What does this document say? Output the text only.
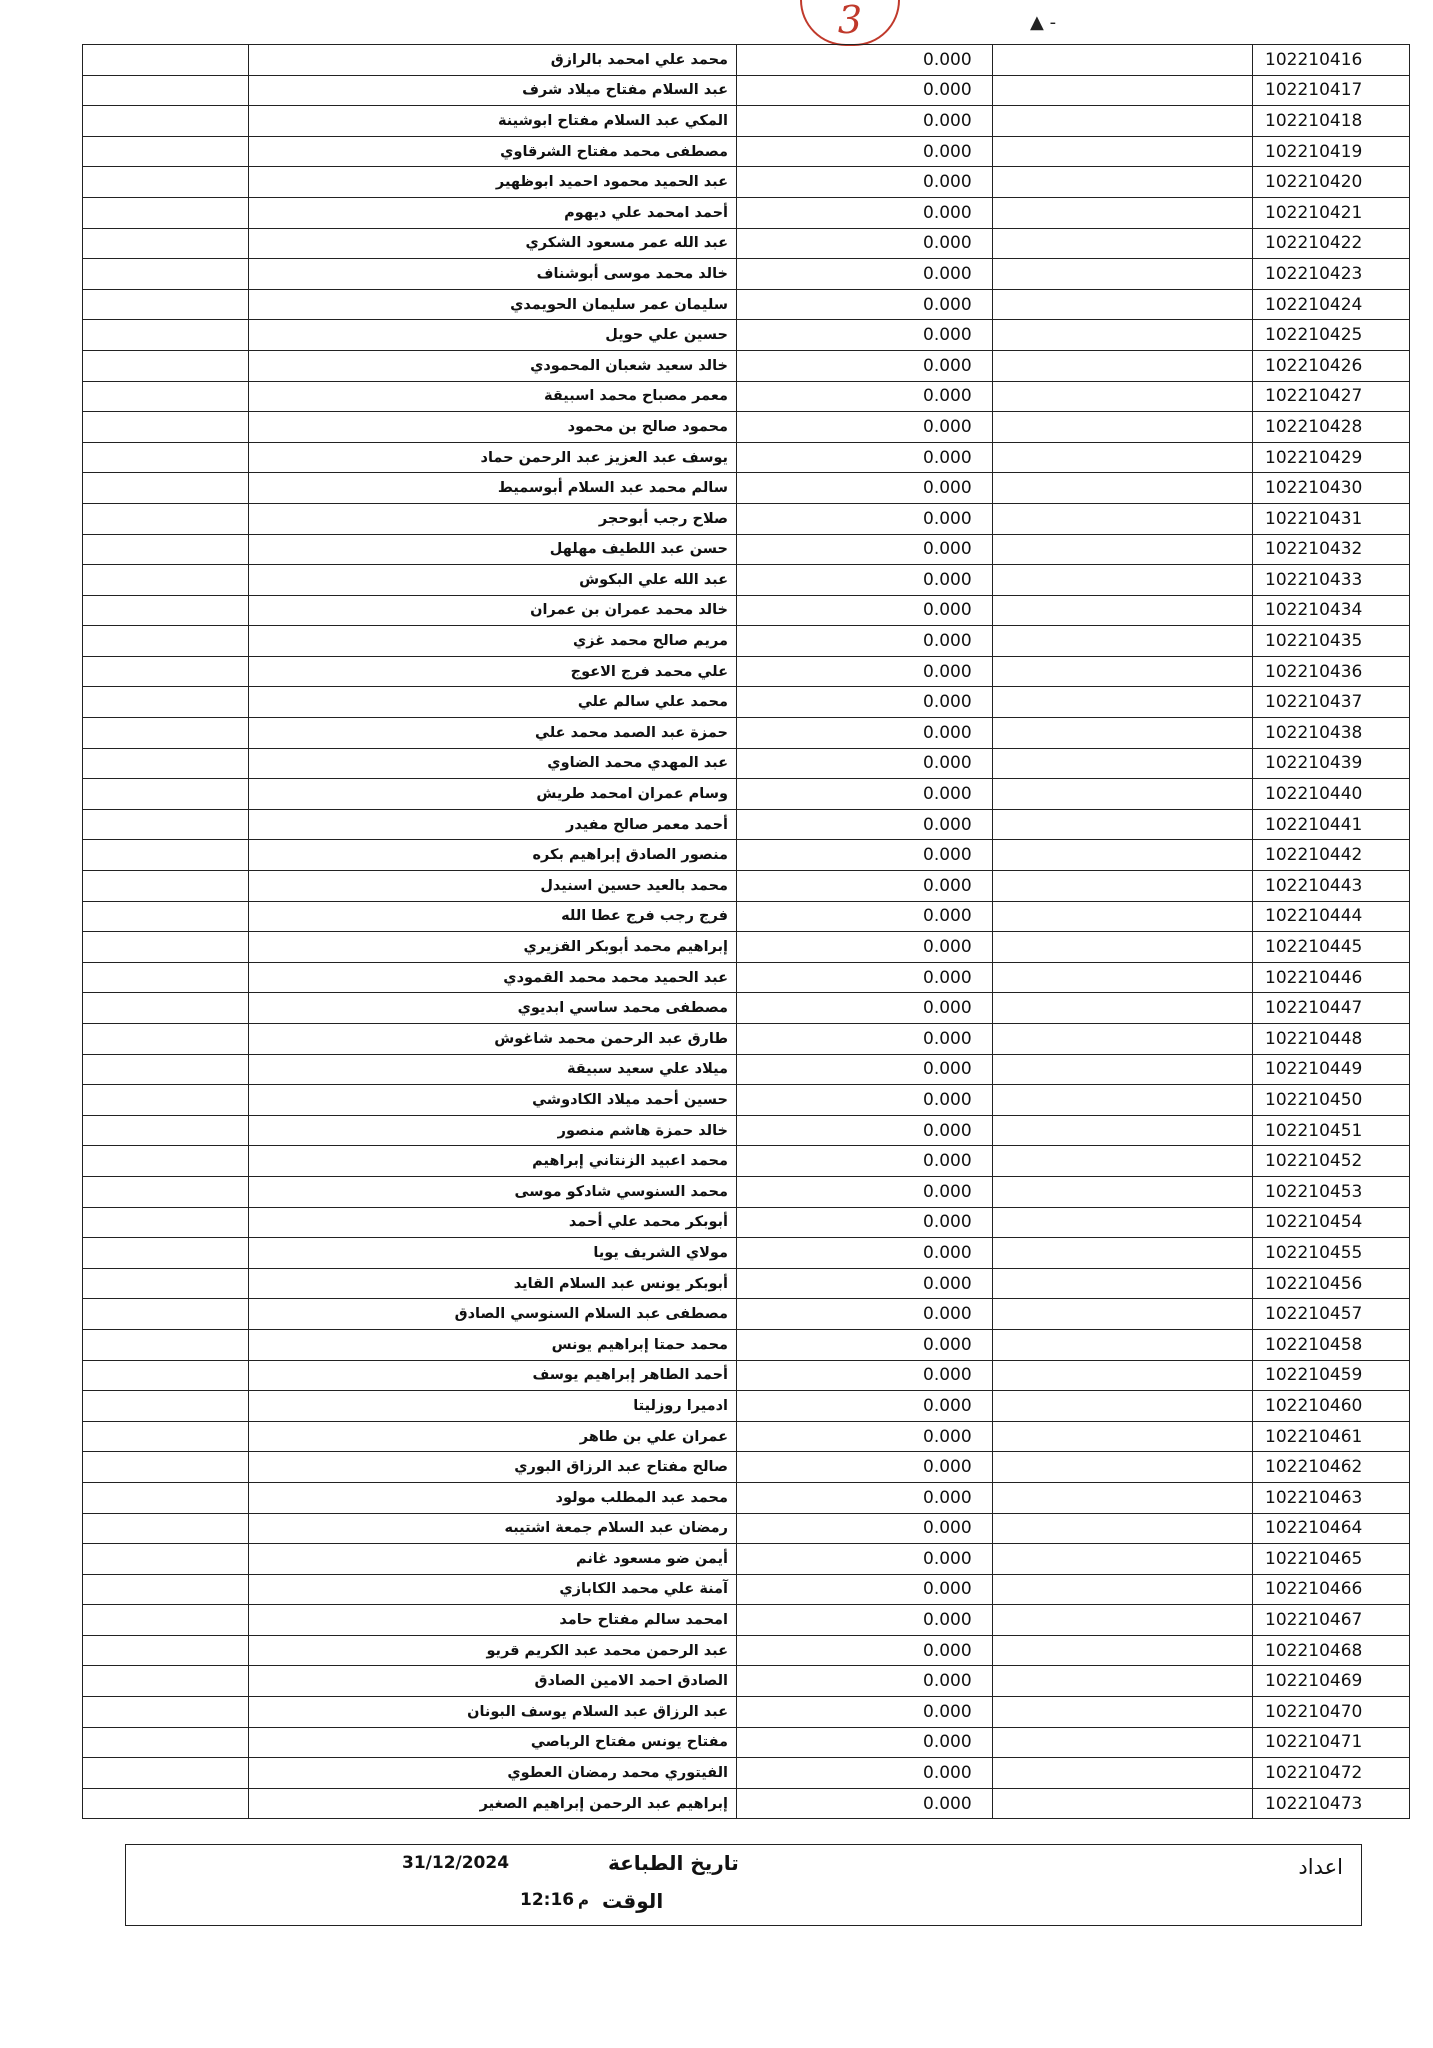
3	▲ -
	محمد علي امحمد بالرازق	0.000		102210416
	عبد السلام مفتاح ميلاد شرف	0.000		102210417
	المكي عبد السلام مفتاح ابوشينة	0.000		102210418
	مصطفى محمد مفتاح الشرقاوي	0.000		102210419
	عبد الحميد محمود احميد ابوظهير	0.000		102210420
	أحمد امحمد علي ديهوم	0.000		102210421
	عبد الله عمر مسعود الشكري	0.000		102210422
	خالد محمد موسى أبوشناف	0.000		102210423
	سليمان عمر سليمان الحويمدي	0.000		102210424
	حسين علي حويل	0.000		102210425
	خالد سعيد شعبان المحمودي	0.000		102210426
	معمر مصباح محمد اسبيقة	0.000		102210427
	محمود صالح بن محمود	0.000		102210428
	يوسف عبد العزيز عبد الرحمن حماد	0.000		102210429
	سالم محمد عبد السلام أبوسميط	0.000		102210430
	صلاح رجب أبوحجر	0.000		102210431
	حسن عبد اللطيف مهلهل	0.000		102210432
	عبد الله علي البكوش	0.000		102210433
	خالد محمد عمران بن عمران	0.000		102210434
	مريم صالح محمد غزي	0.000		102210435
	علي محمد فرج الاعوج	0.000		102210436
	محمد علي سالم علي	0.000		102210437
	حمزة عبد الصمد محمد علي	0.000		102210438
	عبد المهدي محمد الضاوي	0.000		102210439
	وسام عمران امحمد طريش	0.000		102210440
	أحمد معمر صالح مفيدر	0.000		102210441
	منصور الصادق إبراهيم بكره	0.000		102210442
	محمد بالعيد حسين اسنيدل	0.000		102210443
	فرج رجب فرج عطا الله	0.000		102210444
	إبراهيم محمد أبوبكر القزيري	0.000		102210445
	عبد الحميد محمد محمد القمودي	0.000		102210446
	مصطفى محمد ساسي ابديوي	0.000		102210447
	طارق عبد الرحمن محمد شاغوش	0.000		102210448
	ميلاد علي سعيد سبيقة	0.000		102210449
	حسين أحمد ميلاد الكادوشي	0.000		102210450
	خالد حمزة هاشم منصور	0.000		102210451
	محمد اعبيد الزنتاني إبراهيم	0.000		102210452
	محمد السنوسي شادكو موسى	0.000		102210453
	أبوبكر محمد علي أحمد	0.000		102210454
	مولاي الشريف يويا	0.000		102210455
	أبوبكر يونس عبد السلام القايد	0.000		102210456
	مصطفى عبد السلام السنوسي الصادق	0.000		102210457
	محمد حمتا إبراهيم يونس	0.000		102210458
	أحمد الطاهر إبراهيم يوسف	0.000		102210459
	ادميرا روزليتا	0.000		102210460
	عمران علي بن طاهر	0.000		102210461
	صالح مفتاح عبد الرزاق البوري	0.000		102210462
	محمد عبد المطلب مولود	0.000		102210463
	رمضان عبد السلام جمعة اشتيبه	0.000		102210464
	أيمن ضو مسعود غانم	0.000		102210465
	آمنة علي محمد الكابازي	0.000		102210466
	امحمد سالم مفتاح حامد	0.000		102210467
	عبد الرحمن محمد عبد الكريم قريو	0.000		102210468
	الصادق احمد الامين الصادق	0.000		102210469
	عبد الرزاق عبد السلام يوسف البونان	0.000		102210470
	مفتاح يونس مفتاح الرباصي	0.000		102210471
	الفيتوري محمد رمضان العطوي	0.000		102210472
	إبراهيم عبد الرحمن إبراهيم الصغير	0.000		102210473
اعداد
تاريخ الطباعة
31/12/2024
الوقت
م
12:16
